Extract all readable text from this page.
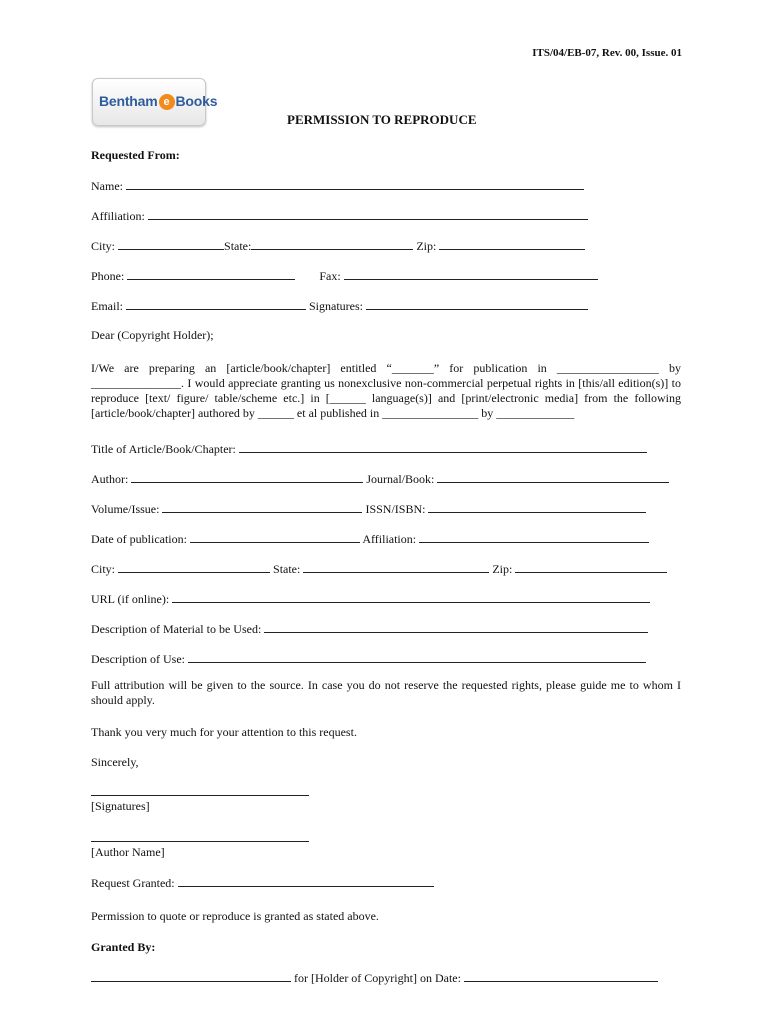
ITS/04/EB-07, Rev. 00, Issue. 01
Bentham e Books
PERMISSION TO REPRODUCE
Requested From:
Name:
Affiliation:
City:	State:	Zip:
Phone:	Fax:
Email:	Signatures:
Dear (Copyright Holder);
I/We are preparing an [article/book/chapter] entitled “_______” for publication in _________________ by _______________. I would appreciate granting us nonexclusive non-commercial perpetual rights in [this/all edition(s)] to reproduce [text/ figure/ table/scheme etc.] in [______ language(s)] and [print/electronic media] from the following [article/book/chapter] authored by ______ et al published in ________________ by _____________
Title of Article/Book/Chapter:
Author:	Journal/Book:
Volume/Issue:	ISSN/ISBN:
Date of publication:	Affiliation:
City:	State:	Zip:
URL (if online):
Description of Material to be Used:
Description of Use:
Full attribution will be given to the source. In case you do not reserve the requested rights, please guide me to whom I should apply.
Thank you very much for your attention to this request.
Sincerely,
[Signatures]
[Author Name]
Request Granted:
Permission to quote or reproduce is granted as stated above.
Granted By:
for [Holder of Copyright] on Date:
